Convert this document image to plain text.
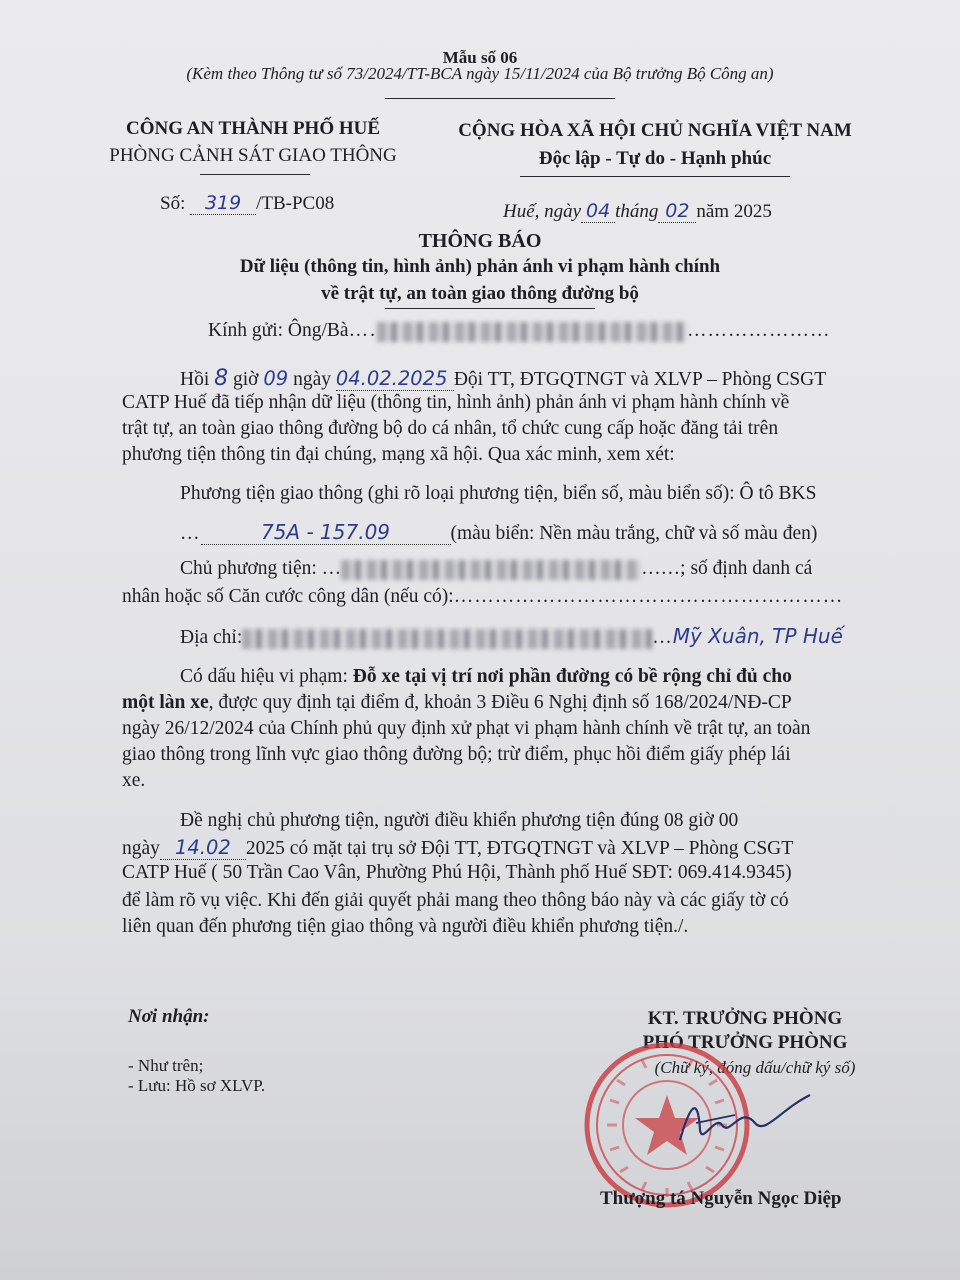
Mẫu số 06
(Kèm theo Thông tư số 73/2024/TT-BCA ngày 15/11/2024 của Bộ trưởng Bộ Công an)
CÔNG AN THÀNH PHỐ HUẾ
PHÒNG CẢNH SÁT GIAO THÔNG
CỘNG HÒA XÃ HỘI CHỦ NGHĨA VIỆT NAM
Độc lập - Tự do - Hạnh phúc
Số: 319 /TB-PC08	Huế, ngày 04 tháng 02 năm 2025
THÔNG BÁO
Dữ liệu (thông tin, hình ảnh) phản ánh vi phạm hành chính
về trật tự, an toàn giao thông đường bộ
Kính gửi: Ông/Bà….	…………………
Hồi 8 giờ 09 ngày 04.02.2025 Đội TT, ĐTGQTNGT và XLVP – Phòng CSGT
CATP Huế đã tiếp nhận dữ liệu (thông tin, hình ảnh) phản ánh vi phạm hành chính về
trật tự, an toàn giao thông đường bộ do cá nhân, tổ chức cung cấp hoặc đăng tải trên
phương tiện thông tin đại chúng, mạng xã hội. Qua xác minh, xem xét:
Phương tiện giao thông (ghi rõ loại phương tiện, biển số, màu biển số): Ô tô BKS
…	75A - 157.09	(màu biển: Nền màu trắng, chữ và số màu đen)
Chủ phương tiện: …	……; số định danh cá
nhân hoặc số Căn cước công dân (nếu có):…………………………………………………
Địa chỉ:	…Mỹ Xuân, TP Huế
Có dấu hiệu vi phạm: Đỗ xe tại vị trí nơi phần đường có bề rộng chỉ đủ cho
một làn xe, được quy định tại điểm đ, khoản 3 Điều 6 Nghị định số 168/2024/NĐ-CP
ngày 26/12/2024 của Chính phủ quy định xử phạt vi phạm hành chính về trật tự, an toàn
giao thông trong lĩnh vực giao thông đường bộ; trừ điểm, phục hồi điểm giấy phép lái
xe.
Đề nghị chủ phương tiện, người điều khiển phương tiện đúng 08 giờ 00
ngày 14.02 2025 có mặt tại trụ sở Đội TT, ĐTGQTNGT và XLVP – Phòng CSGT
CATP Huế ( 50 Trần Cao Vân, Phường Phú Hội, Thành phố Huế SĐT: 069.414.9345)
để làm rõ vụ việc. Khi đến giải quyết phải mang theo thông báo này và các giấy tờ có
liên quan đến phương tiện giao thông và người điều khiển phương tiện./.
Nơi nhận:
- Như trên;
- Lưu: Hồ sơ XLVP.
KT. TRƯỞNG PHÒNG
PHÓ TRƯỞNG PHÒNG
(Chữ ký, đóng dấu/chữ ký số)
Thượng tá Nguyễn Ngọc Diệp
